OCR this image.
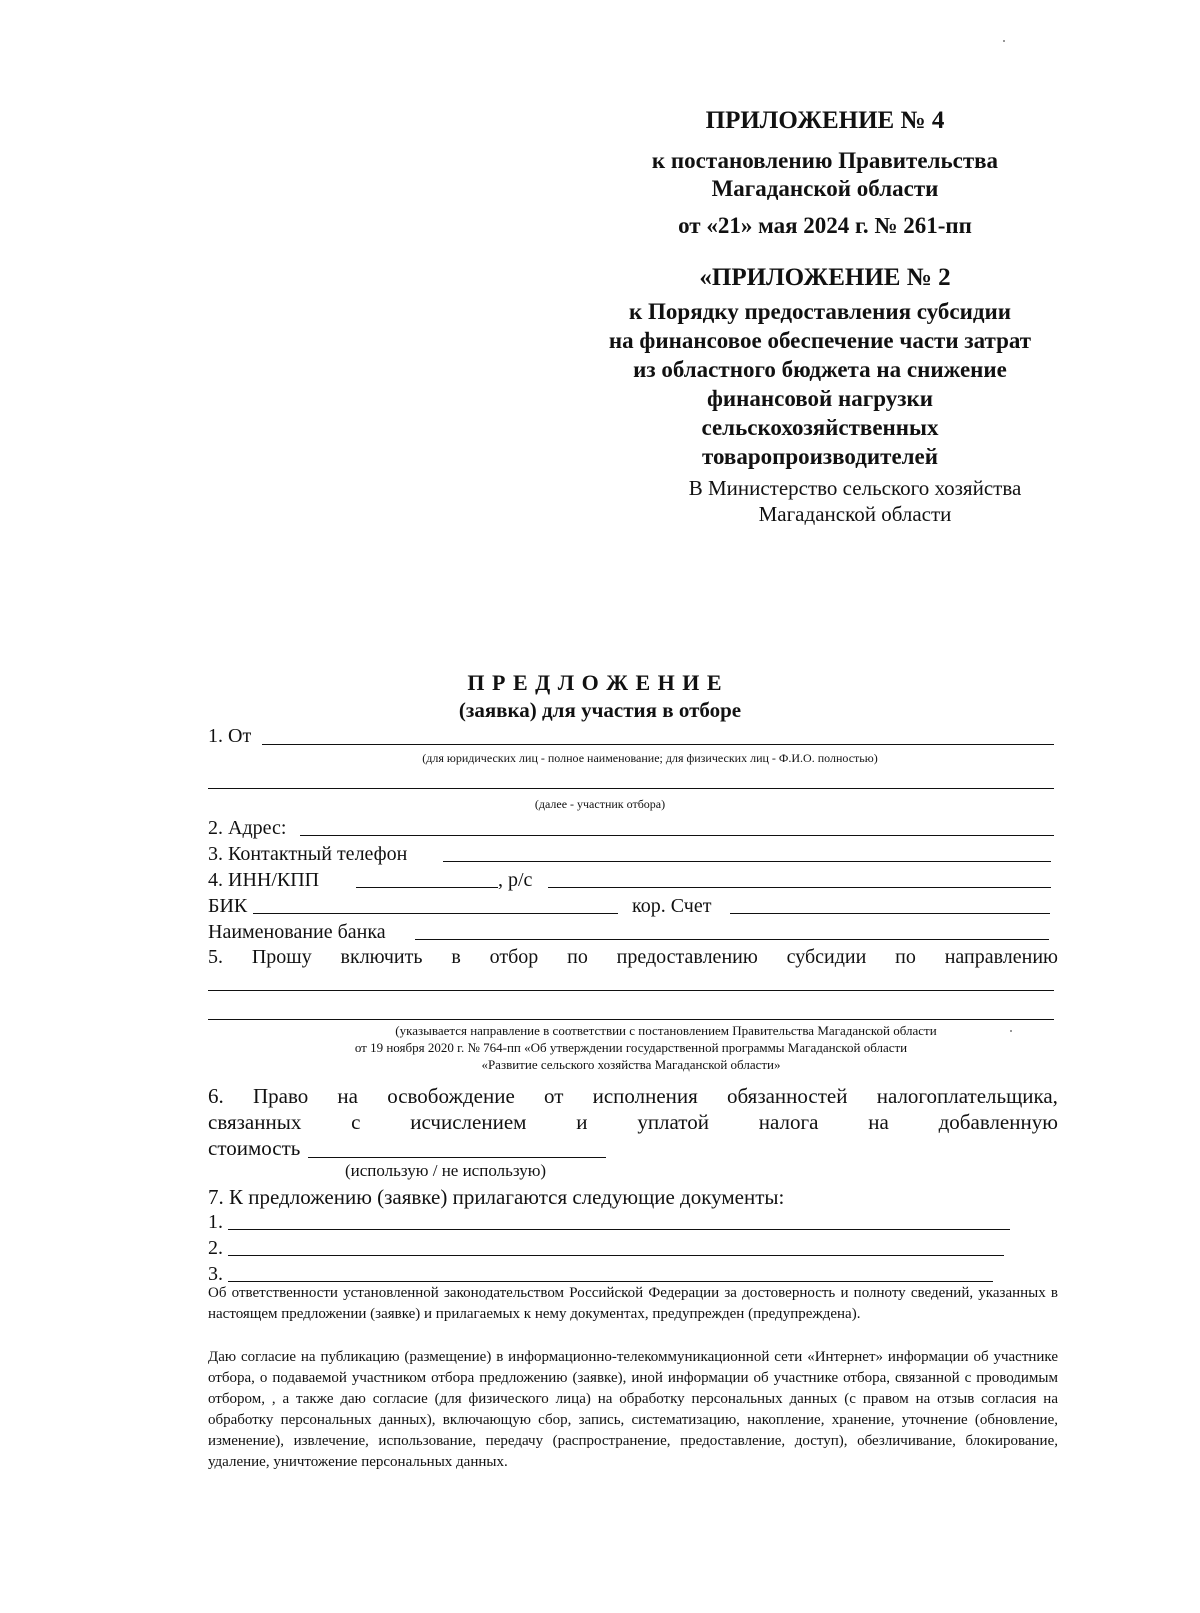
ПРИЛОЖЕНИЕ № 4
к постановлению Правительства
Магаданской области
от «21» мая 2024 г. № 261-пп
«ПРИЛОЖЕНИЕ № 2
к Порядку предоставления субсидии
на финансовое обеспечение части затрат
из областного бюджета на снижение
финансовой нагрузки
сельскохозяйственных
товаропроизводителей
В Министерство сельского хозяйства
Магаданской области
П Р Е Д Л О Ж Е Н И Е
(заявка) для участия в отборе
1. От
(для юридических лиц - полное наименование; для физических лиц - Ф.И.О. полностью)
(далее - участник отбора)
2. Адрес:
3. Контактный телефон
4. ИНН/КПП	, р/с
БИК	кор. Счет
Наименование банка
5. Прошу включить в отбор по предоставлению субсидии по направлению
(указывается направление в соответствии с постановлением Правительства Магаданской области
от 19 ноября 2020 г. № 764-пп «Об утверждении государственной программы Магаданской области
«Развитие сельского хозяйства Магаданской области»
6. Право на освобождение от исполнения обязанностей налогоплательщика,
связанных с исчислением и уплатой налога на добавленную
стоимость
(использую / не использую)
7. К предложению (заявке) прилагаются следующие документы:
1.
2.
3.
Об ответственности установленной законодательством Российской Федерации за достоверность и полноту сведений, указанных в настоящем предложении (заявке) и прилагаемых к нему документах, предупрежден (предупреждена).
Даю согласие на публикацию (размещение) в информационно-телекоммуникационной сети «Интернет» информации об участнике отбора, о подаваемой участником отбора предложению (заявке), иной информации об участнике отбора, связанной с проводимым отбором, , а также даю согласие (для физического лица) на обработку персональных данных (с правом на отзыв согласия на обработку персональных данных), включающую сбор, запись, систематизацию, накопление, хранение, уточнение (обновление, изменение), извлечение, использование, передачу (распространение, предоставление, доступ), обезличивание, блокирование, удаление, уничтожение персональных данных.
